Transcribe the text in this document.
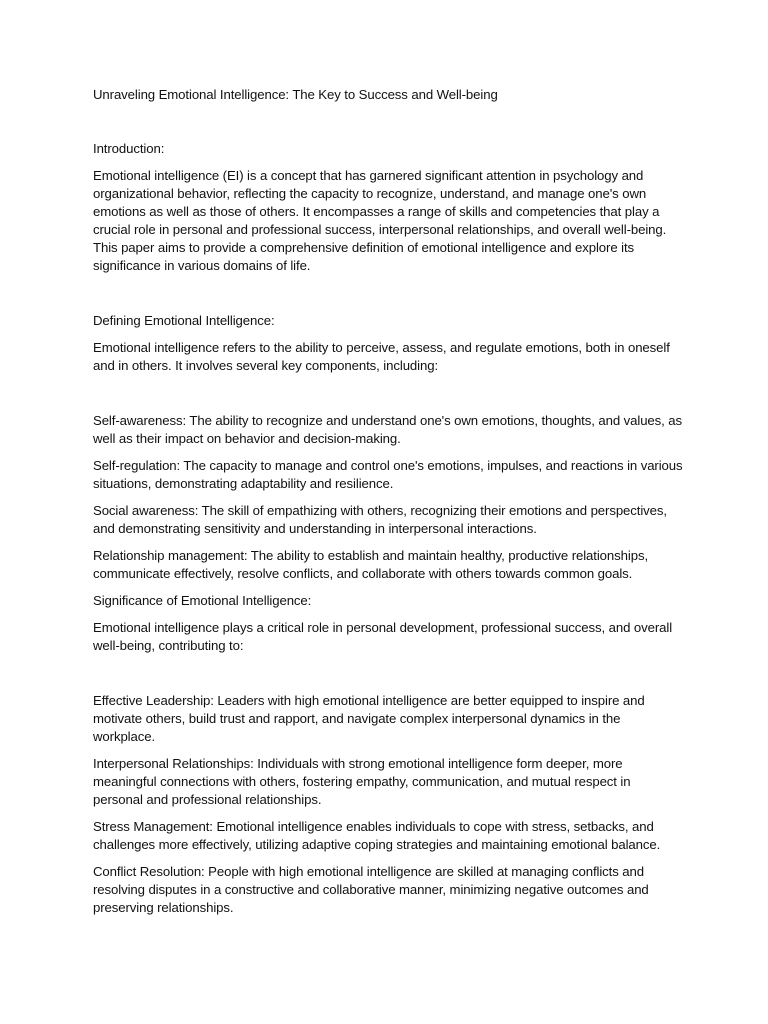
Unraveling Emotional Intelligence: The Key to Success and Well-being

Introduction:

Emotional intelligence (EI) is a concept that has garnered significant attention in psychology and organizational behavior, reflecting the capacity to recognize, understand, and manage one's own emotions as well as those of others. It encompasses a range of skills and competencies that play a crucial role in personal and professional success, interpersonal relationships, and overall well-being. This paper aims to provide a comprehensive definition of emotional intelligence and explore its significance in various domains of life.

Defining Emotional Intelligence:

Emotional intelligence refers to the ability to perceive, assess, and regulate emotions, both in oneself and in others. It involves several key components, including:

Self-awareness: The ability to recognize and understand one's own emotions, thoughts, and values, as well as their impact on behavior and decision-making.

Self-regulation: The capacity to manage and control one's emotions, impulses, and reactions in various situations, demonstrating adaptability and resilience.

Social awareness: The skill of empathizing with others, recognizing their emotions and perspectives, and demonstrating sensitivity and understanding in interpersonal interactions.

Relationship management: The ability to establish and maintain healthy, productive relationships, communicate effectively, resolve conflicts, and collaborate with others towards common goals.

Significance of Emotional Intelligence:

Emotional intelligence plays a critical role in personal development, professional success, and overall well-being, contributing to:

Effective Leadership: Leaders with high emotional intelligence are better equipped to inspire and motivate others, build trust and rapport, and navigate complex interpersonal dynamics in the workplace.

Interpersonal Relationships: Individuals with strong emotional intelligence form deeper, more meaningful connections with others, fostering empathy, communication, and mutual respect in personal and professional relationships.

Stress Management: Emotional intelligence enables individuals to cope with stress, setbacks, and challenges more effectively, utilizing adaptive coping strategies and maintaining emotional balance.

Conflict Resolution: People with high emotional intelligence are skilled at managing conflicts and resolving disputes in a constructive and collaborative manner, minimizing negative outcomes and preserving relationships.
